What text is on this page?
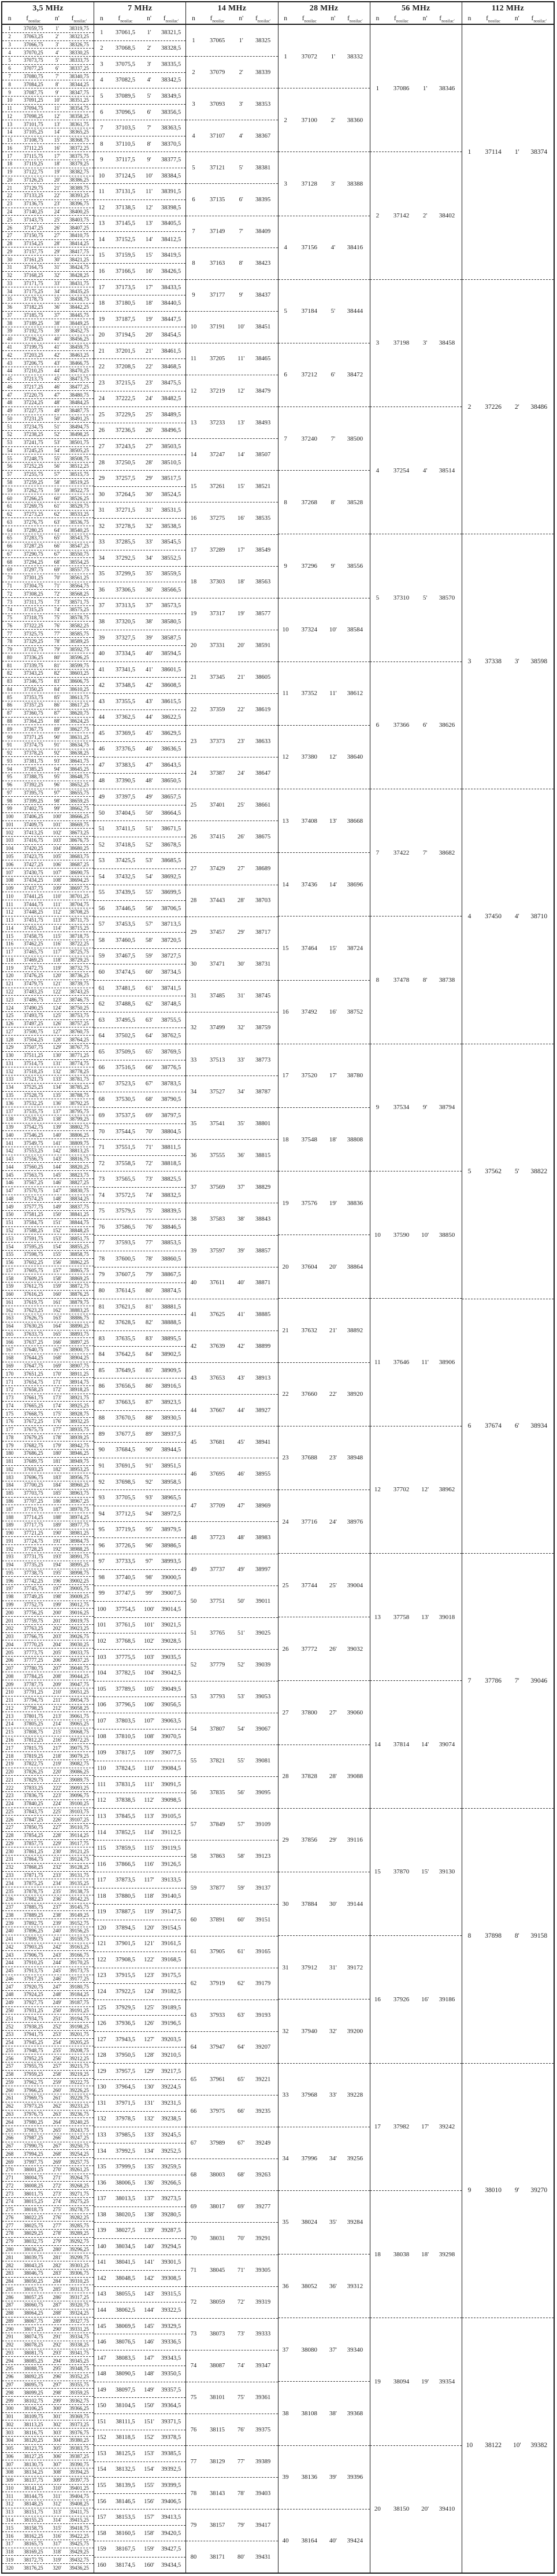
3,5 MHz
n	$f_{nosilac}$	n'	$f_{nosilac'}$
1	37059,75	1'	38319,75
2	37063,25	2'	38323,25
3	37066,75	3'	38326,75
4	37070,25	4'	38330,25
5	37073,75	5'	38333,75
6	37077,25	6'	38337,25
7	37080,75	7'	38340,75
8	37084,25	8'	38344,25
9	37087,75	9'	38347,75
10	37091,25	10'	38351,25
11	37094,75	11'	38354,75
12	37098,25	12'	38358,25
13	37101,75	13'	38361,75
14	37105,25	14'	38365,25
15	37108,75	15'	38368,75
16	37112,25	16'	38372,25
17	37115,75	17'	38375,75
18	37119,25	18'	38379,25
19	37122,75	19'	38382,75
20	37126,25	20'	38386,25
21	37129,75	21'	38389,75
22	37133,25	22'	38393,25
23	37136,75	23'	38396,75
24	37140,25	24'	38400,25
25	37143,75	25'	38403,75
26	37147,25	26'	38407,25
27	37150,75	27'	38410,75
28	37154,25	28'	38414,25
29	37157,75	29'	38417,75
30	37161,25	30'	38421,25
31	37164,75	31'	38424,75
32	37168,25	32'	38428,25
33	37171,75	33'	38431,75
34	37175,25	34'	38435,25
35	37178,75	35'	38438,75
36	37182,25	36'	38442,25
37	37185,75	37'	38445,75
38	37189,25	38'	38449,25
39	37192,75	39'	38452,75
40	37196,25	40'	38456,25
41	37199,75	41'	38459,75
42	37203,25	42'	38463,25
43	37206,75	43'	38466,75
44	37210,25	44'	38470,25
45	37213,75	45'	38473,75
46	37217,25	46'	38477,25
47	37220,75	47'	38480,75
48	37224,25	48'	38484,25
49	37227,75	49'	38487,75
50	37231,25	50'	38491,25
51	37234,75	51'	38494,75
52	37238,25	52'	38498,25
53	37241,75	53'	38501,75
54	37245,25	54'	38505,25
55	37248,75	55'	38508,75
56	37252,25	56'	38512,25
57	37255,75	57'	38515,75
58	37259,25	58'	38519,25
59	37262,75	59'	38522,75
60	37266,25	60'	38526,25
61	37269,75	61'	38529,75
62	37273,25	62'	38533,25
63	37276,75	63'	38536,75
64	37280,25	64'	38540,25
65	37283,75	65'	38543,75
66	37287,25	66'	38547,25
67	37290,75	67'	38550,75
68	37294,25	68'	38554,25
69	37297,75	69'	38557,75
70	37301,25	70'	38561,25
71	37304,75	71'	38564,75
72	37308,25	72'	38568,25
73	37311,75	73'	38571,75
74	37315,25	74'	38575,25
75	37318,75	75'	38578,75
76	37322,25	76'	38582,25
77	37325,75	77'	38585,75
78	37329,25	78'	38589,25
79	37332,75	79'	38592,75
80	37336,25	80'	38596,25
81	37339,75	81'	38599,75
82	37343,25	82'	38603,25
83	37346,75	83'	38606,75
84	37350,25	84'	38610,25
85	37353,75	85'	38613,75
86	37357,25	86'	38617,25
87	37360,75	87'	38620,75
88	37364,25	88'	38624,25
89	37367,75	89'	38627,75
90	37371,25	90'	38631,25
91	37374,75	91'	38634,75
92	37378,25	92'	38638,25
93	37381,75	93'	38641,75
94	37385,25	94'	38645,25
95	37388,75	95'	38648,75
96	37392,25	96'	38652,25
97	37395,75	97'	38655,75
98	37399,25	98'	38659,25
99	37402,75	99'	38662,75
100	37406,25	100'	38666,25
101	37409,75	101'	38669,75
102	37413,25	102'	38673,25
103	37416,75	103'	38676,75
104	37420,25	104'	38680,25
105	37423,75	105'	38683,75
106	37427,25	106'	38687,25
107	37430,75	107'	38690,75
108	37434,25	108'	38694,25
109	37437,75	109'	38697,75
110	37441,25	110'	38701,25
111	37444,75	111'	38704,75
112	37448,25	112'	38708,25
113	37451,75	113'	38711,75
114	37455,25	114'	38715,25
115	37458,75	115'	38718,75
116	37462,25	116'	38722,25
117	37465,75	117'	38725,75
118	37469,25	118'	38729,25
119	37472,75	119'	38732,75
120	37476,25	120'	38736,25
121	37479,75	121'	38739,75
122	37483,25	122'	38743,25
123	37486,75	123'	38746,75
124	37490,25	124'	38750,25
125	37493,75	125'	38753,75
126	37497,25	126'	38757,25
127	37500,75	127'	38760,75
128	37504,25	128'	38764,25
129	37507,75	129'	38767,75
130	37511,25	130'	38771,25
131	37514,75	131'	38774,75
132	37518,25	132'	38778,25
133	37521,75	133'	38781,75
134	37525,25	134'	38785,25
135	37528,75	135'	38788,75
136	37532,25	136'	38792,25
137	37535,75	137'	38795,75
138	37539,25	138'	38799,25
139	37542,75	139'	38802,75
140	37546,25	140'	38806,25
141	37549,75	141'	38809,75
142	37553,25	142'	38813,25
143	37556,75	143'	38816,75
144	37560,25	144'	38820,25
145	37563,75	145'	38823,75
146	37567,25	146'	38827,25
147	37570,75	147'	38830,75
148	37574,25	148'	38834,25
149	37577,75	149'	38837,75
150	37581,25	150'	38841,25
151	37584,75	151'	38844,75
152	37588,25	152'	38848,25
153	37591,75	153'	38851,75
154	37595,25	154'	38855,25
155	37598,75	155'	38858,75
156	37602,25	156'	38862,25
157	37605,75	157'	38865,75
158	37609,25	158'	38869,25
159	37612,75	159'	38872,75
160	37616,25	160'	38876,25
161	37619,75	161'	38879,75
162	37623,25	162'	38883,25
163	37626,75	163'	38886,75
164	37630,25	164'	38890,25
165	37633,75	165'	38893,75
166	37637,25	166'	38897,25
167	37640,75	167'	38900,75
168	37644,25	168'	38904,25
169	37647,75	169'	38907,75
170	37651,25	170'	38911,25
171	37654,75	171'	38914,75
172	37658,25	172'	38918,25
173	37661,75	173'	38921,75
174	37665,25	174'	38925,25
175	37668,75	175'	38928,75
176	37672,25	176'	38932,25
177	37675,75	177'	38935,75
178	37679,25	178'	38939,25
179	37682,75	179'	38942,75
180	37686,25	180'	38946,25
181	37689,75	181'	38949,75
182	37693,25	182'	38953,25
183	37696,75	183'	38956,75
184	37700,25	184'	38960,25
185	37703,75	185'	38963,75
186	37707,25	186'	38967,25
187	37710,75	187'	38970,75
188	37714,25	188'	38974,25
189	37717,75	189'	38977,75
190	37721,25	190'	38981,25
191	37724,75	191'	38984,75
192	37728,25	192'	38988,25
193	37731,75	193'	38991,75
194	37735,25	194'	38995,25
195	37738,75	195'	38998,75
196	37742,25	196'	39002,25
197	37745,75	197'	39005,75
198	37749,25	198'	39009,25
199	37752,75	199'	39012,75
200	37756,25	200'	39016,25
201	37759,75	201'	39019,75
202	37763,25	202'	39023,25
203	37766,75	203'	39026,75
204	37770,25	204'	39030,25
205	37773,75	205'	39033,75
206	37777,25	206'	39037,25
207	37780,75	207'	39040,75
208	37784,25	208'	39044,25
209	37787,75	209'	39047,75
210	37791,25	210'	39051,25
211	37794,75	211'	39054,75
212	37798,25	212'	39058,25
213	37801,75	213'	39061,75
214	37805,25	214'	39065,25
215	37808,75	215'	39068,75
216	37812,25	216'	39072,25
217	37815,75	217'	39075,75
218	37819,25	218'	39079,25
219	37822,75	219'	39082,75
220	37826,25	220'	39086,25
221	37829,75	221'	39089,75
222	37833,25	222'	39093,25
223	37836,75	223'	39096,75
224	37840,25	224'	39100,25
225	37843,75	225'	39103,75
226	37847,25	226'	39107,25
227	37850,75	227'	39110,75
228	37854,25	228'	39114,25
229	37857,75	229'	39117,75
230	37861,25	230'	39121,25
231	37864,75	231'	39124,75
232	37868,25	232'	39128,25
233	37871,75	233'	39131,75
234	37875,25	234'	39135,25
235	37878,75	235'	39138,75
236	37882,25	236'	39142,25
237	37885,75	237'	39145,75
238	37889,25	238'	39149,25
239	37892,75	239'	39152,75
240	37896,25	240'	39156,25
241	37899,75	241'	39159,75
242	37903,25	242'	39163,25
243	37906,75	243'	39166,75
244	37910,25	244'	39170,25
245	37913,75	245'	39173,75
246	37917,25	246'	39177,25
247	37920,75	247'	39180,75
248	37924,25	248'	39184,25
249	37927,75	249'	39187,75
250	37931,25	250'	39191,25
251	37934,75	251'	39194,75
252	37938,25	252'	39198,25
253	37941,75	253'	39201,75
254	37945,25	254'	39205,25
255	37948,75	255'	39208,75
256	37952,25	256'	39212,25
257	37955,75	257'	39215,75
258	37959,25	258'	39219,25
259	37962,75	259'	39222,75
260	37966,25	260'	39226,25
261	37969,75	261'	39229,75
262	37973,25	262'	39233,25
263	37976,75	263'	39236,75
264	37980,25	264'	39240,25
265	37983,75	265'	39243,75
266	37987,25	266'	39247,25
267	37990,75	267'	39250,75
268	37994,25	268'	39254,25
269	37997,75	269'	39257,75
270	38001,25	270'	39261,25
271	38004,75	271'	39264,75
272	38008,25	272'	39268,25
273	38011,75	273'	39271,75
274	38015,25	274'	39275,25
275	38018,75	275'	39278,75
276	38022,25	276'	39282,25
277	38025,75	277'	39285,75
278	38029,25	278'	39289,25
279	38032,75	279'	39292,75
280	38036,25	280'	39296,25
281	38039,75	281'	39299,75
282	38043,25	282'	39303,25
283	38046,75	283'	39306,75
284	38050,25	284'	39310,25
285	38053,75	285'	39313,75
286	38057,25	286'	39317,25
287	38060,75	287'	39320,75
288	38064,25	288'	39324,25
289	38067,75	289'	39327,75
290	38071,25	290'	39331,25
291	38074,75	291'	39334,75
292	38078,25	292'	39338,25
293	38081,75	293'	39341,75
294	38085,25	294'	39345,25
295	38088,75	295'	39348,75
296	38092,25	296'	39352,25
297	38095,75	297'	39355,75
298	38099,25	298'	39359,25
299	38102,75	299'	39362,75
300	38106,25	300'	39366,25
301	38109,75	301'	39369,75
302	38113,25	302'	39373,25
303	38116,75	303'	39376,75
304	38120,25	304'	39380,25
305	38123,75	305'	39383,75
306	38127,25	306'	39387,25
307	38130,75	307'	39390,75
308	38134,25	308'	39394,25
309	38137,75	309'	39397,75
310	38141,25	310'	39401,25
311	38144,75	311'	39404,75
312	38148,25	312'	39408,25
313	38151,75	313'	39411,75
314	38155,25	314'	39415,25
315	38158,75	315'	39418,75
316	38162,25	316'	39422,25
317	38165,75	317'	39425,75
318	38169,25	318'	39429,25
319	38172,75	319'	39432,75
320	38176,25	320'	39436,25
7 MHz
n	$f_{nosilac}$	n'	$f_{nosilac'}$
1	37061,5	1'	38321,5
2	37068,5	2'	38328,5
3	37075,5	3'	38335,5
4	37082,5	4'	38342,5
5	37089,5	5'	38349,5
6	37096,5	6'	38356,5
7	37103,5	7'	38363,5
8	37110,5	8'	38370,5
9	37117,5	9'	38377,5
10	37124,5	10'	38384,5
11	37131,5	11'	38391,5
12	37138,5	12'	38398,5
13	37145,5	13'	38405,5
14	37152,5	14'	38412,5
15	37159,5	15'	38419,5
16	37166,5	16'	38426,5
17	37173,5	17'	38433,5
18	37180,5	18'	38440,5
19	37187,5	19'	38447,5
20	37194,5	20'	38454,5
21	37201,5	21'	38461,5
22	37208,5	22'	38468,5
23	37215,5	23'	38475,5
24	37222,5	24'	38482,5
25	37229,5	25'	38489,5
26	37236,5	26'	38496,5
27	37243,5	27'	38503,5
28	37250,5	28'	38510,5
29	37257,5	29'	38517,5
30	37264,5	30'	38524,5
31	37271,5	31'	38531,5
32	37278,5	32'	38538,5
33	37285,5	33'	38545,5
34	37292,5	34'	38552,5
35	37299,5	35'	38559,5
36	37306,5	36'	38566,5
37	37313,5	37'	38573,5
38	37320,5	38'	38580,5
39	37327,5	39'	38587,5
40	37334,5	40'	38594,5
41	37341,5	41'	38601,5
42	37348,5	42'	38608,5
43	37355,5	43'	38615,5
44	37362,5	44'	38622,5
45	37369,5	45'	38629,5
46	37376,5	46'	38636,5
47	37383,5	47'	38643,5
48	37390,5	48'	38650,5
49	37397,5	49'	38657,5
50	37404,5	50'	38664,5
51	37411,5	51'	38671,5
52	37418,5	52'	38678,5
53	37425,5	53'	38685,5
54	37432,5	54'	38692,5
55	37439,5	55'	38699,5
56	37446,5	56'	38706,5
57	37453,5	57'	38713,5
58	37460,5	58'	38720,5
59	37467,5	59'	38727,5
60	37474,5	60'	38734,5
61	37481,5	61'	38741,5
62	37488,5	62'	38748,5
63	37495,5	63'	38755,5
64	37502,5	64'	38762,5
65	37509,5	65'	38769,5
66	37516,5	66'	38776,5
67	37523,5	67'	38783,5
68	37530,5	68'	38790,5
69	37537,5	69'	38797,5
70	37544,5	70'	38804,5
71	37551,5	71'	38811,5
72	37558,5	72'	38818,5
73	37565,5	73'	38825,5
74	37572,5	74'	38832,5
75	37579,5	75'	38839,5
76	37586,5	76'	38846,5
77	37593,5	77'	38853,5
78	37600,5	78'	38860,5
79	37607,5	79'	38867,5
80	37614,5	80'	38874,5
81	37621,5	81'	38881,5
82	37628,5	82'	38888,5
83	37635,5	83'	38895,5
84	37642,5	84'	38902,5
85	37649,5	85'	38909,5
86	37656,5	86'	38916,5
87	37663,5	87'	38923,5
88	37670,5	88'	38930,5
89	37677,5	89'	38937,5
90	37684,5	90'	38944,5
91	37691,5	91'	38951,5
92	37698,5	92'	38958,5
93	37705,5	93'	38965,5
94	37712,5	94'	38972,5
95	37719,5	95'	38979,5
96	37726,5	96'	38986,5
97	37733,5	97'	38993,5
98	37740,5	98'	39000,5
99	37747,5	99'	39007,5
100	37754,5	100'	39014,5
101	37761,5	101'	39021,5
102	37768,5	102'	39028,5
103	37775,5	103'	39035,5
104	37782,5	104'	39042,5
105	37789,5	105'	39049,5
106	37796,5	106'	39056,5
107	37803,5	107'	39063,5
108	37810,5	108'	39070,5
109	37817,5	109'	39077,5
110	37824,5	110'	39084,5
111	37831,5	111'	39091,5
112	37838,5	112'	39098,5
113	37845,5	113'	39105,5
114	37852,5	114'	39112,5
115	37859,5	115'	39119,5
116	37866,5	116'	39126,5
117	37873,5	117'	39133,5
118	37880,5	118'	39140,5
119	37887,5	119'	39147,5
120	37894,5	120'	39154,5
121	37901,5	121'	39161,5
122	37908,5	122'	39168,5
123	37915,5	123'	39175,5
124	37922,5	124'	39182,5
125	37929,5	125'	39189,5
126	37936,5	126'	39196,5
127	37943,5	127'	39203,5
128	37950,5	128'	39210,5
129	37957,5	129'	39217,5
130	37964,5	130'	39224,5
131	37971,5	131'	39231,5
132	37978,5	132'	39238,5
133	37985,5	133'	39245,5
134	37992,5	134'	39252,5
135	37999,5	135'	39259,5
136	38006,5	136'	39266,5
137	38013,5	137'	39273,5
138	38020,5	138'	39280,5
139	38027,5	139'	39287,5
140	38034,5	140'	39294,5
141	38041,5	141'	39301,5
142	38048,5	142'	39308,5
143	38055,5	143'	39315,5
144	38062,5	144'	39322,5
145	38069,5	145'	39329,5
146	38076,5	146'	39336,5
147	38083,5	147'	39343,5
148	38090,5	148'	39350,5
149	38097,5	149'	39357,5
150	38104,5	150'	39364,5
151	38111,5	151'	39371,5
152	38118,5	152'	39378,5
153	38125,5	153'	39385,5
154	38132,5	154'	39392,5
155	38139,5	155'	39399,5
156	38146,5	156'	39406,5
157	38153,5	157'	39413,5
158	38160,5	158'	39420,5
159	38167,5	159'	39427,5
160	38174,5	160'	39434,5
14 MHz
n	$f_{nosilac}$	n'	$f_{nosilac'}$
1	37065	1'	38325
2	37079	2'	38339
3	37093	3'	38353
4	37107	4'	38367
5	37121	5'	38381
6	37135	6'	38395
7	37149	7'	38409
8	37163	8'	38423
9	37177	9'	38437
10	37191	10'	38451
11	37205	11'	38465
12	37219	12'	38479
13	37233	13'	38493
14	37247	14'	38507
15	37261	15'	38521
16	37275	16'	38535
17	37289	17'	38549
18	37303	18'	38563
19	37317	19'	38577
20	37331	20'	38591
21	37345	21'	38605
22	37359	22'	38619
23	37373	23'	38633
24	37387	24'	38647
25	37401	25'	38661
26	37415	26'	38675
27	37429	27'	38689
28	37443	28'	38703
29	37457	29'	38717
30	37471	30'	38731
31	37485	31'	38745
32	37499	32'	38759
33	37513	33'	38773
34	37527	34'	38787
35	37541	35'	38801
36	37555	36'	38815
37	37569	37'	38829
38	37583	38'	38843
39	37597	39'	38857
40	37611	40'	38871
41	37625	41'	38885
42	37639	42'	38899
43	37653	43'	38913
44	37667	44'	38927
45	37681	45'	38941
46	37695	46'	38955
47	37709	47'	38969
48	37723	48'	38983
49	37737	49'	38997
50	37751	50'	39011
51	37765	51'	39025
52	37779	52'	39039
53	37793	53'	39053
54	37807	54'	39067
55	37821	55'	39081
56	37835	56'	39095
57	37849	57'	39109
58	37863	58'	39123
59	37877	59'	39137
60	37891	60'	39151
61	37905	61'	39165
62	37919	62'	39179
63	37933	63'	39193
64	37947	64'	39207
65	37961	65'	39221
66	37975	66'	39235
67	37989	67'	39249
68	38003	68'	39263
69	38017	69'	39277
70	38031	70'	39291
71	38045	71'	39305
72	38059	72'	39319
73	38073	73'	39333
74	38087	74'	39347
75	38101	75'	39361
76	38115	76'	39375
77	38129	77'	39389
78	38143	78'	39403
79	38157	79'	39417
80	38171	80'	39431
28 MHz
n	$f_{nosilac}$	n'	$f_{nosilac'}$
1	37072	1'	38332
2	37100	2'	38360
3	37128	3'	38388
4	37156	4'	38416
5	37184	5'	38444
6	37212	6'	38472
7	37240	7'	38500
8	37268	8'	38528
9	37296	9'	38556
10	37324	10'	38584
11	37352	11'	38612
12	37380	12'	38640
13	37408	13'	38668
14	37436	14'	38696
15	37464	15'	38724
16	37492	16'	38752
17	37520	17'	38780
18	37548	18'	38808
19	37576	19'	38836
20	37604	20'	38864
21	37632	21'	38892
22	37660	22'	38920
23	37688	23'	38948
24	37716	24'	38976
25	37744	25'	39004
26	37772	26'	39032
27	37800	27'	39060
28	37828	28'	39088
29	37856	29'	39116
30	37884	30'	39144
31	37912	31'	39172
32	37940	32'	39200
33	37968	33'	39228
34	37996	34'	39256
35	38024	35'	39284
36	38052	36'	39312
37	38080	37'	39340
38	38108	38'	39368
39	38136	39'	39396
40	38164	40'	39424
56 MHz
n	$f_{nosilac}$	n'	$f_{nosilac'}$
1	37086	1'	38346
2	37142	2'	38402
3	37198	3'	38458
4	37254	4'	38514
5	37310	5'	38570
6	37366	6'	38626
7	37422	7'	38682
8	37478	8'	38738
9	37534	9'	38794
10	37590	10'	38850
11	37646	11'	38906
12	37702	12'	38962
13	37758	13'	39018
14	37814	14'	39074
15	37870	15'	39130
16	37926	16'	39186
17	37982	17'	39242
18	38038	18'	39298
19	38094	19'	39354
20	38150	20'	39410
112 MHz
n	$f_{nosilac}$	n'	$f_{nosilac'}$
1	37114	1'	38374
2	37226	2'	38486
3	37338	3'	38598
4	37450	4'	38710
5	37562	5'	38822
6	37674	6'	38934
7	37786	7'	39046
8	37898	8'	39158
9	38010	9'	39270
10	38122	10'	39382
